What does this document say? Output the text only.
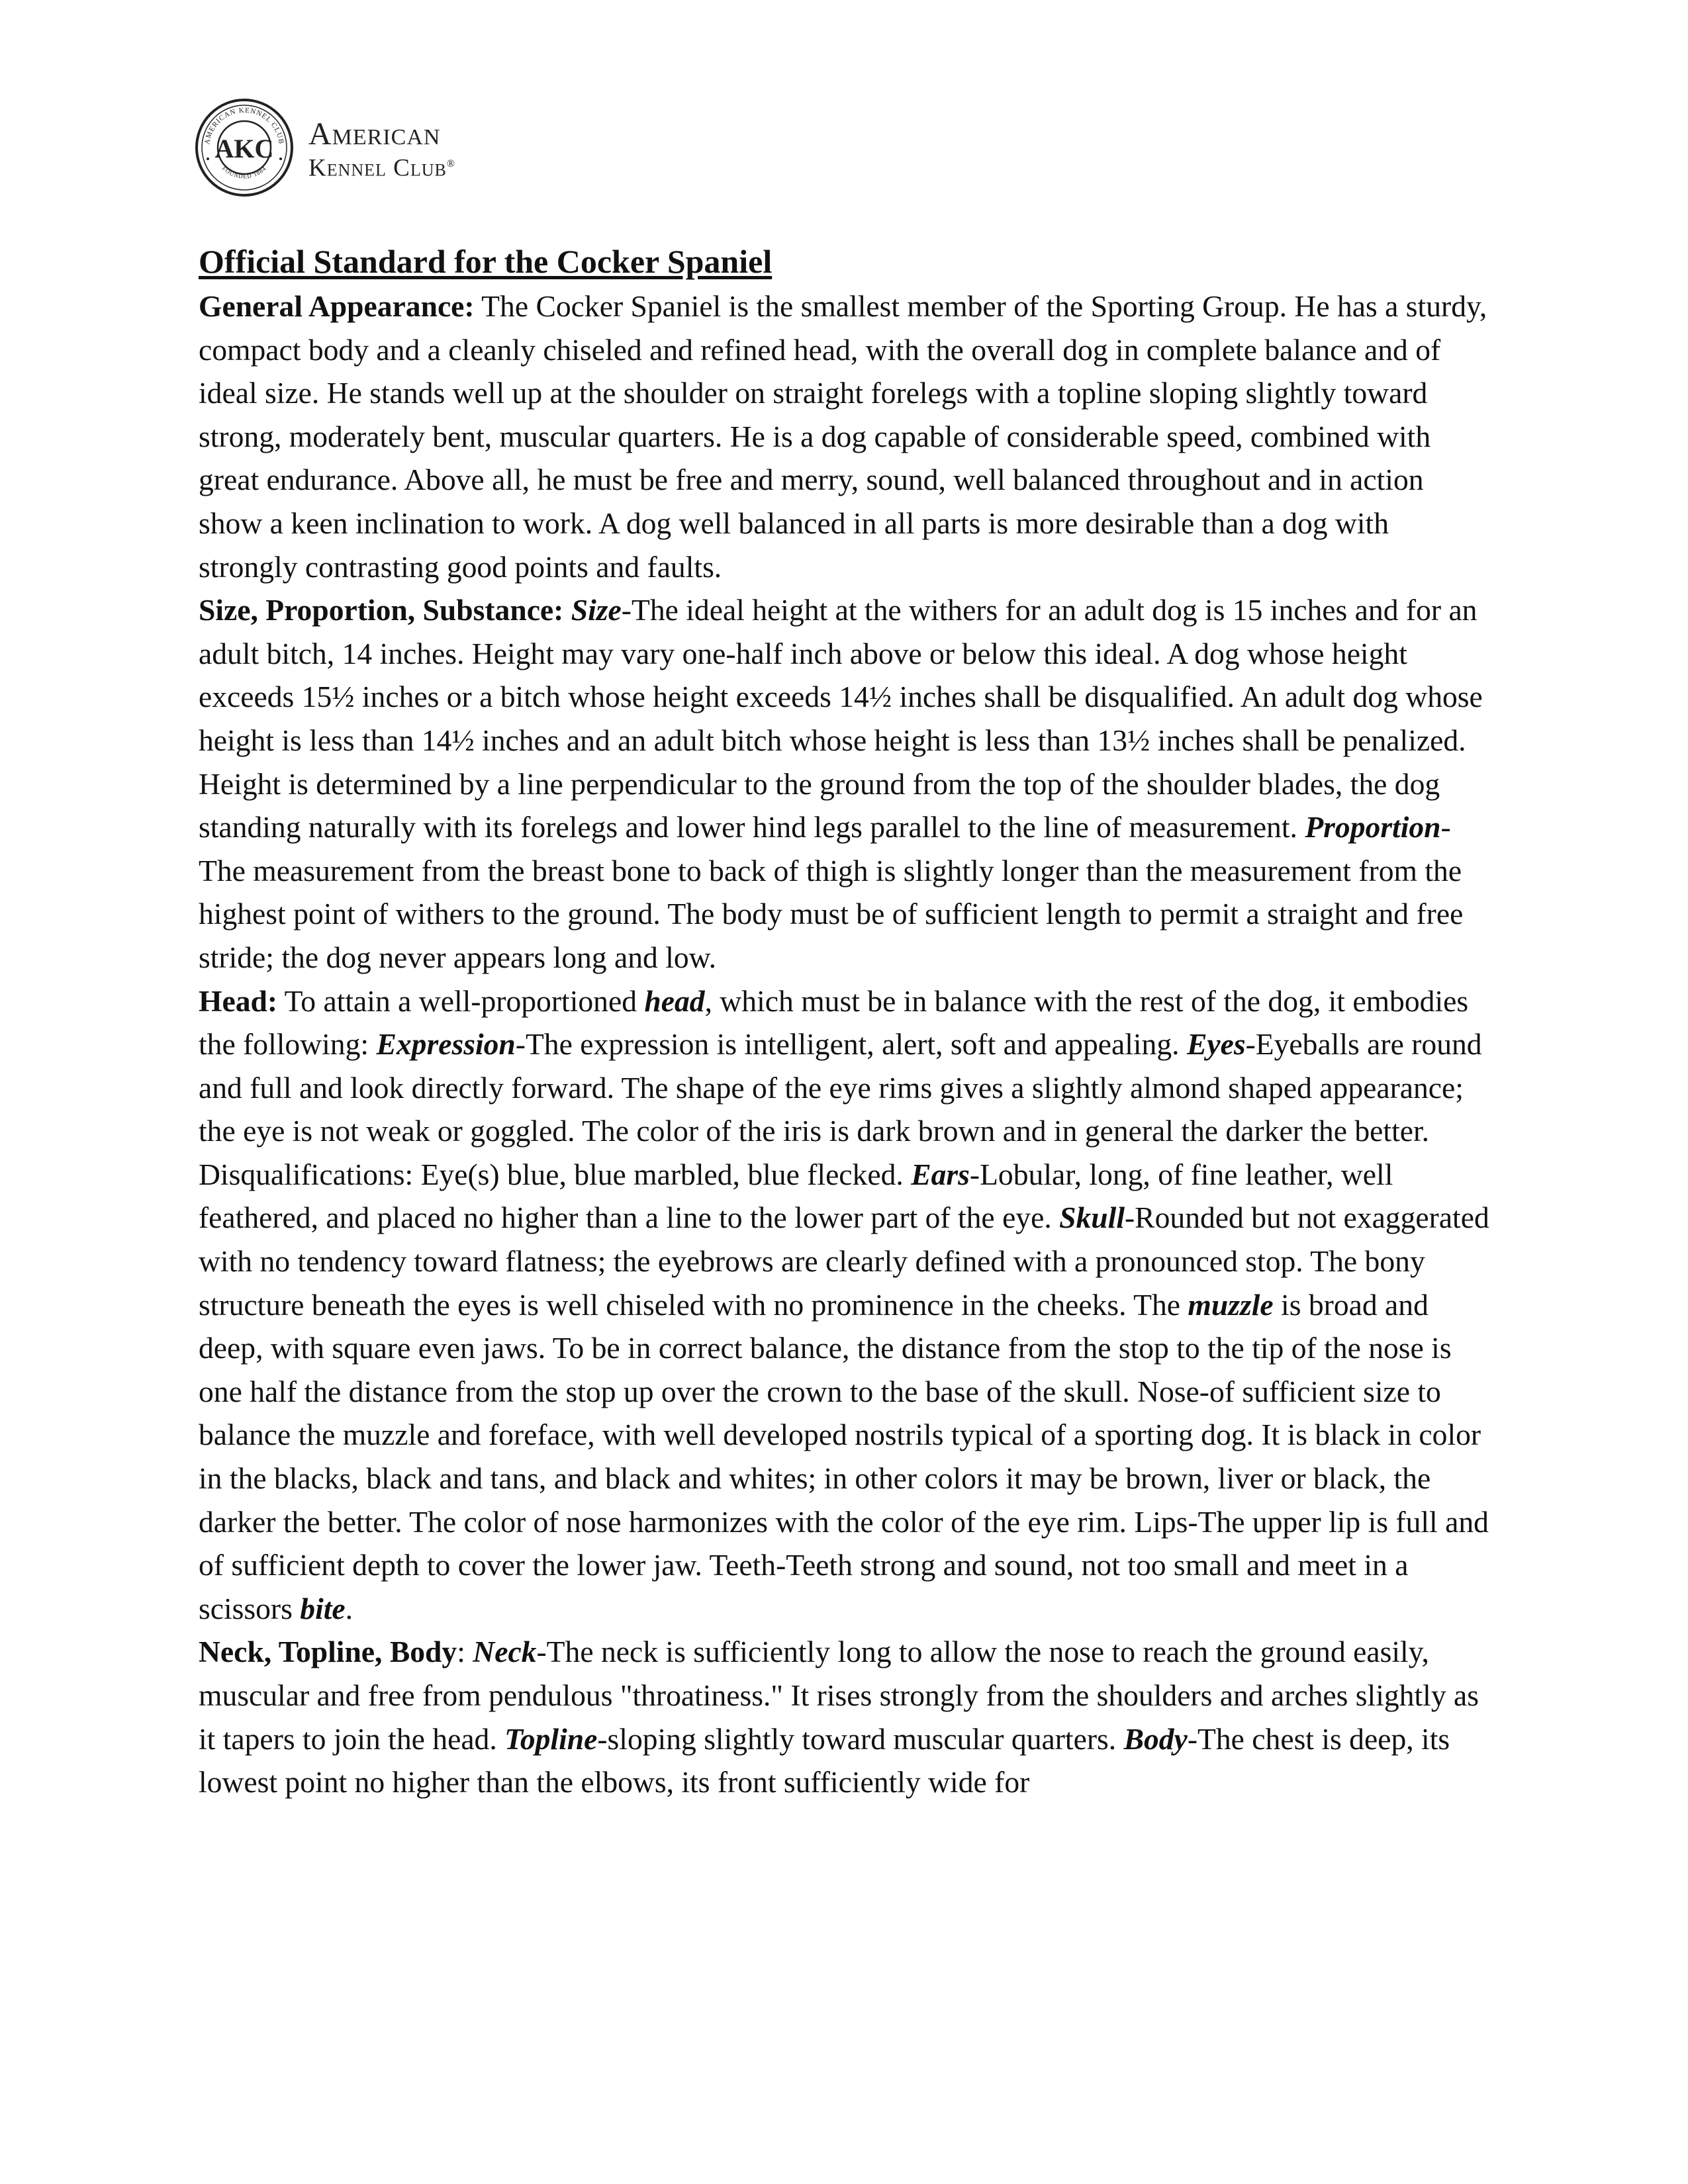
AMERICAN KENNEL CLUB
FOUNDED 1884
AKC American
Kennel Club®
Official Standard for the Cocker Spaniel

General Appearance: The Cocker Spaniel is the smallest member of the Sporting Group. He has a sturdy, compact body and a cleanly chiseled and refined head, with the overall dog in complete balance and of ideal size. He stands well up at the shoulder on straight forelegs with a topline sloping slightly toward strong, moderately bent, muscular quarters. He is a dog capable of considerable speed, combined with great endurance. Above all, he must be free and merry, sound, well balanced throughout and in action show a keen inclination to work. A dog well balanced in all parts is more desirable than a dog with strongly contrasting good points and faults.

Size, Proportion, Substance: Size-The ideal height at the withers for an adult dog is 15 inches and for an adult bitch, 14 inches. Height may vary one-half inch above or below this ideal. A dog whose height exceeds 15½ inches or a bitch whose height exceeds 14½ inches shall be disqualified. An adult dog whose height is less than 14½ inches and an adult bitch whose height is less than 13½ inches shall be penalized. Height is determined by a line perpendicular to the ground from the top of the shoulder blades, the dog standing naturally with its forelegs and lower hind legs parallel to the line of measurement. Proportion-The measurement from the breast bone to back of thigh is slightly longer than the measurement from the highest point of withers to the ground. The body must be of sufficient length to permit a straight and free stride; the dog never appears long and low.

Head: To attain a well-proportioned head, which must be in balance with the rest of the dog, it embodies the following: Expression-The expression is intelligent, alert, soft and appealing. Eyes-Eyeballs are round and full and look directly forward. The shape of the eye rims gives a slightly almond shaped appearance; the eye is not weak or goggled. The color of the iris is dark brown and in general the darker the better. Disqualifications: Eye(s) blue, blue marbled, blue flecked. Ears-Lobular, long, of fine leather, well feathered, and placed no higher than a line to the lower part of the eye. Skull-Rounded but not exaggerated with no tendency toward flatness; the eyebrows are clearly defined with a pronounced stop. The bony structure beneath the eyes is well chiseled with no prominence in the cheeks. The muzzle is broad and deep, with square even jaws. To be in correct balance, the distance from the stop to the tip of the nose is one half the distance from the stop up over the crown to the base of the skull. Nose-of sufficient size to balance the muzzle and foreface, with well developed nostrils typical of a sporting dog. It is black in color in the blacks, black and tans, and black and whites; in other colors it may be brown, liver or black, the darker the better. The color of nose harmonizes with the color of the eye rim. Lips-The upper lip is full and of sufficient depth to cover the lower jaw. Teeth-Teeth strong and sound, not too small and meet in a scissors bite.

Neck, Topline, Body: Neck-The neck is sufficiently long to allow the nose to reach the ground easily, muscular and free from pendulous "throatiness." It rises strongly from the shoulders and arches slightly as it tapers to join the head. Topline-sloping slightly toward muscular quarters. Body-The chest is deep, its lowest point no higher than the elbows, its front sufficiently wide for
